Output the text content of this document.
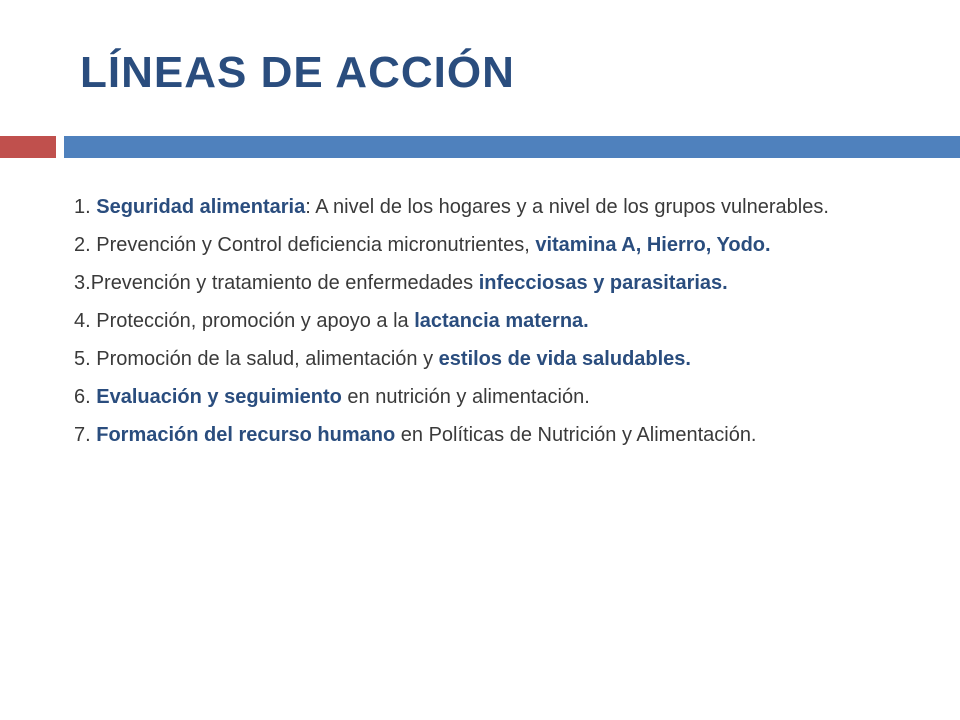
LÍNEAS DE ACCIÓN
1. Seguridad alimentaria: A nivel de los hogares y a nivel de los grupos vulnerables.
2. Prevención y Control deficiencia micronutrientes, vitamina A, Hierro, Yodo.
3.Prevención y tratamiento de enfermedades infecciosas y parasitarias.
4. Protección, promoción y apoyo a la lactancia materna.
5. Promoción de la salud, alimentación y estilos de vida saludables.
6. Evaluación y seguimiento en nutrición y alimentación.
7. Formación del recurso humano en Políticas de Nutrición y Alimentación.
